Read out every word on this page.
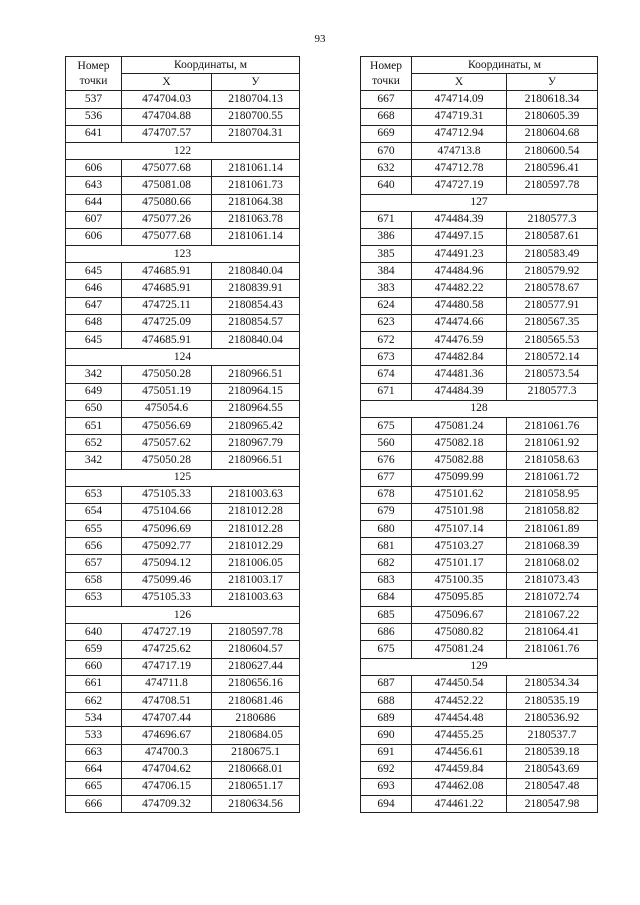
93
Номер
точки	Координаты, м	
	X	У
537	474704.03	2180704.13
536	474704.88	2180700.55
641	474707.57	2180704.31
122		
606	475077.68	2181061.14
643	475081.08	2181061.73
644	475080.66	2181064.38
607	475077.26	2181063.78
606	475077.68	2181061.14
123		
645	474685.91	2180840.04
646	474685.91	2180839.91
647	474725.11	2180854.43
648	474725.09	2180854.57
645	474685.91	2180840.04
124		
342	475050.28	2180966.51
649	475051.19	2180964.15
650	475054.6	2180964.55
651	475056.69	2180965.42
652	475057.62	2180967.79
342	475050.28	2180966.51
125		
653	475105.33	2181003.63
654	475104.66	2181012.28
655	475096.69	2181012.28
656	475092.77	2181012.29
657	475094.12	2181006.05
658	475099.46	2181003.17
653	475105.33	2181003.63
126		
640	474727.19	2180597.78
659	474725.62	2180604.57
660	474717.19	2180627.44
661	474711.8	2180656.16
662	474708.51	2180681.46
534	474707.44	2180686
533	474696.67	2180684.05
663	474700.3	2180675.1
664	474704.62	2180668.01
665	474706.15	2180651.17
666	474709.32	2180634.56
Номер
точки	Координаты, м	
	X	У
667	474714.09	2180618.34
668	474719.31	2180605.39
669	474712.94	2180604.68
670	474713.8	2180600.54
632	474712.78	2180596.41
640	474727.19	2180597.78
127		
671	474484.39	2180577.3
386	474497.15	2180587.61
385	474491.23	2180583.49
384	474484.96	2180579.92
383	474482.22	2180578.67
624	474480.58	2180577.91
623	474474.66	2180567.35
672	474476.59	2180565.53
673	474482.84	2180572.14
674	474481.36	2180573.54
671	474484.39	2180577.3
128		
675	475081.24	2181061.76
560	475082.18	2181061.92
676	475082.88	2181058.63
677	475099.99	2181061.72
678	475101.62	2181058.95
679	475101.98	2181058.82
680	475107.14	2181061.89
681	475103.27	2181068.39
682	475101.17	2181068.02
683	475100.35	2181073.43
684	475095.85	2181072.74
685	475096.67	2181067.22
686	475080.82	2181064.41
675	475081.24	2181061.76
129		
687	474450.54	2180534.34
688	474452.22	2180535.19
689	474454.48	2180536.92
690	474455.25	2180537.7
691	474456.61	2180539.18
692	474459.84	2180543.69
693	474462.08	2180547.48
694	474461.22	2180547.98
